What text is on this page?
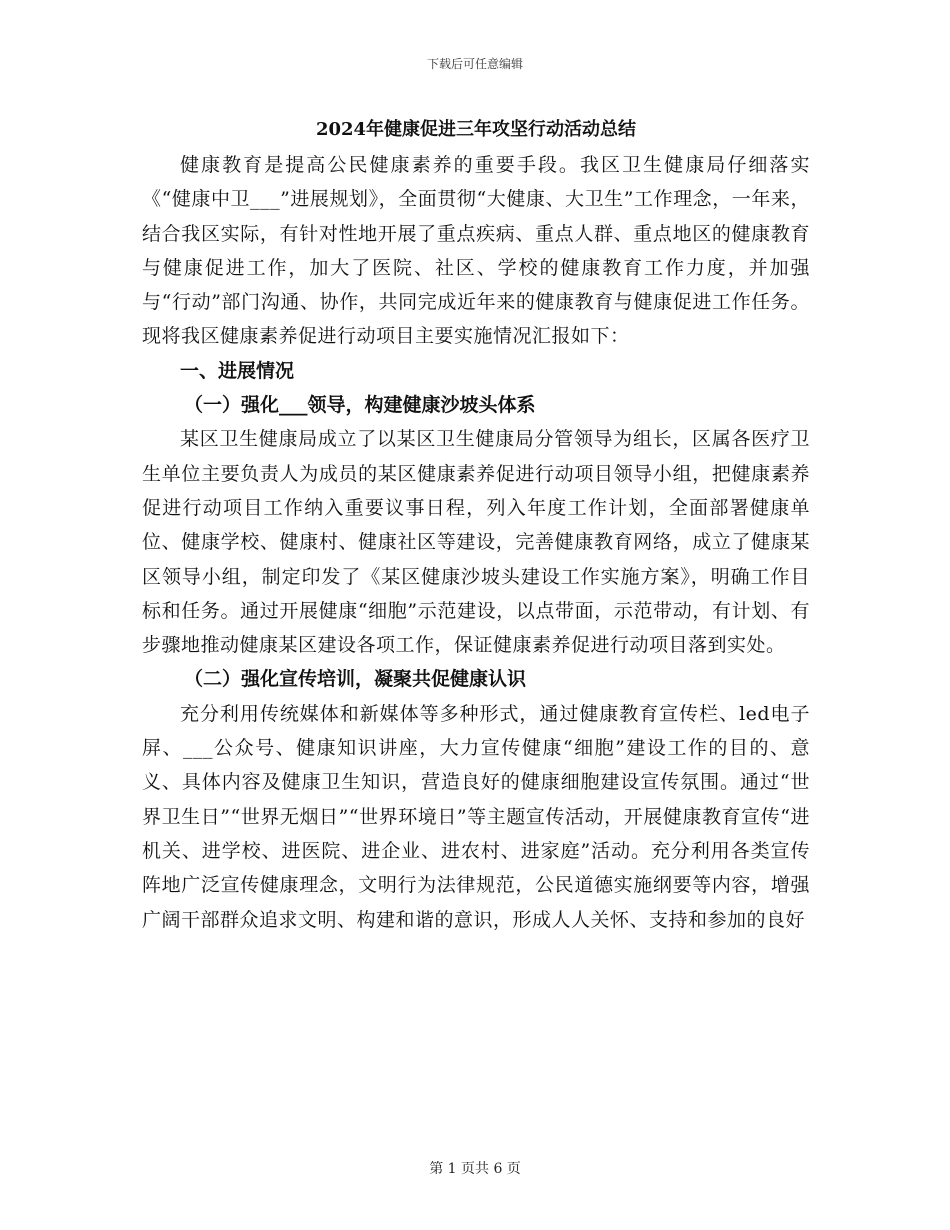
下载后可任意编辑
2024年健康促进三年攻坚行动活动总结

健康教育是提高公民健康素养的重要手段。我区卫生健康局仔细落实《“健康中卫___”进展规划》，全面贯彻“大健康、大卫生”工作理念，一年来，结合我区实际，有针对性地开展了重点疾病、重点人群、重点地区的健康教育与健康促进工作，加大了医院、社区、学校的健康教育工作力度，并加强与“行动”部门沟通、协作，共同完成近年来的健康教育与健康促进工作任务。现将我区健康素养促进行动项目主要实施情况汇报如下：

一、进展情况

（一）强化___领导，构建健康沙坡头体系

某区卫生健康局成立了以某区卫生健康局分管领导为组长，区属各医疗卫生单位主要负责人为成员的某区健康素养促进行动项目领导小组，把健康素养促进行动项目工作纳入重要议事日程，列入年度工作计划，全面部署健康单位、健康学校、健康村、健康社区等建设，完善健康教育网络，成立了健康某区领导小组，制定印发了《某区健康沙坡头建设工作实施方案》，明确工作目标和任务。通过开展健康“细胞”示范建设，以点带面，示范带动，有计划、有步骤地推动健康某区建设各项工作，保证健康素养促进行动项目落到实处。

（二）强化宣传培训，凝聚共促健康认识

充分利用传统媒体和新媒体等多种形式，通过健康教育宣传栏、led电子屏、___公众号、健康知识讲座，大力宣传健康“细胞”建设工作的目的、意义、具体内容及健康卫生知识，营造良好的健康细胞建设宣传氛围。通过“世界卫生日”“世界无烟日”“世界环境日”等主题宣传活动，开展健康教育宣传“进机关、进学校、进医院、进企业、进农村、进家庭”活动。充分利用各类宣传阵地广泛宣传健康理念，文明行为法律规范，公民道德实施纲要等内容，增强广阔干部群众追求文明、构建和谐的意识，形成人人关怀、支持和参加的良好

第 1 页共 6 页
